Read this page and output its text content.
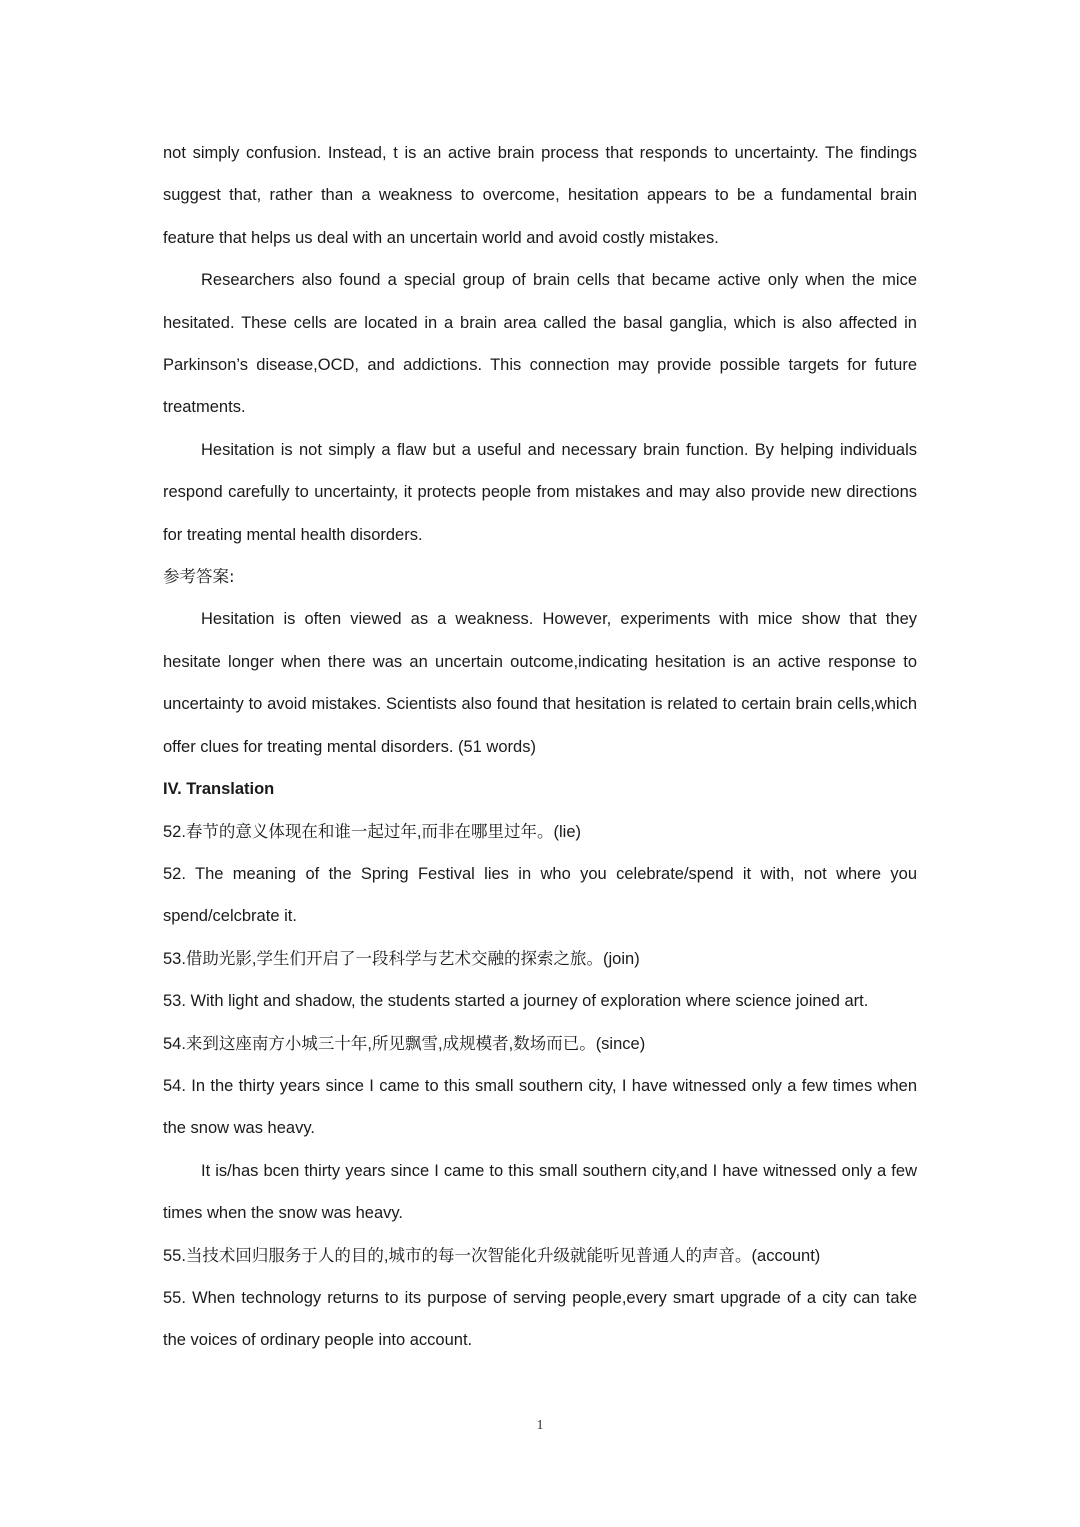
not simply confusion. Instead, t is an active brain process that responds to uncertainty. The findings suggest that, rather than a weakness to overcome, hesitation appears to be a fundamental brain feature that helps us deal with an uncertain world and avoid costly mistakes.

Researchers also found a special group of brain cells that became active only when the mice hesitated. These cells are located in a brain area called the basal ganglia, which is also affected in Parkinson’s disease,OCD, and addictions. This connection may provide possible targets for future treatments.

Hesitation is not simply a flaw but a useful and necessary brain function. By helping individuals respond carefully to uncertainty, it protects people from mistakes and may also provide new directions for treating mental health disorders.

参考答案:

Hesitation is often viewed as a weakness. However, experiments with mice show that they hesitate longer when there was an uncertain outcome,indicating hesitation is an active response to uncertainty to avoid mistakes. Scientists also found that hesitation is related to certain brain cells,which offer clues for treating mental disorders. (51 words)

IV. Translation

52.春节的意义体现在和谁一起过年,而非在哪里过年。(lie)

52. The meaning of the Spring Festival lies in who you celebrate/spend it with, not where you spend/celcbrate it.

53.借助光影,学生们开启了一段科学与艺术交融的探索之旅。(join)

53. With light and shadow, the students started a journey of exploration where science joined art.

54.来到这座南方小城三十年,所见飘雪,成规模者,数场而已。(since)

54. In the thirty years since I came to this small southern city, I have witnessed only a few times when the snow was heavy.

It is/has bcen thirty years since I came to this small southern city,and I have witnessed only a few times when the snow was heavy.

55.当技术回归服务于人的目的,城市的每一次智能化升级就能听见普通人的声音。(account)

55. When technology returns to its purpose of serving people,every smart upgrade of a city can take the voices of ordinary people into account.

1
